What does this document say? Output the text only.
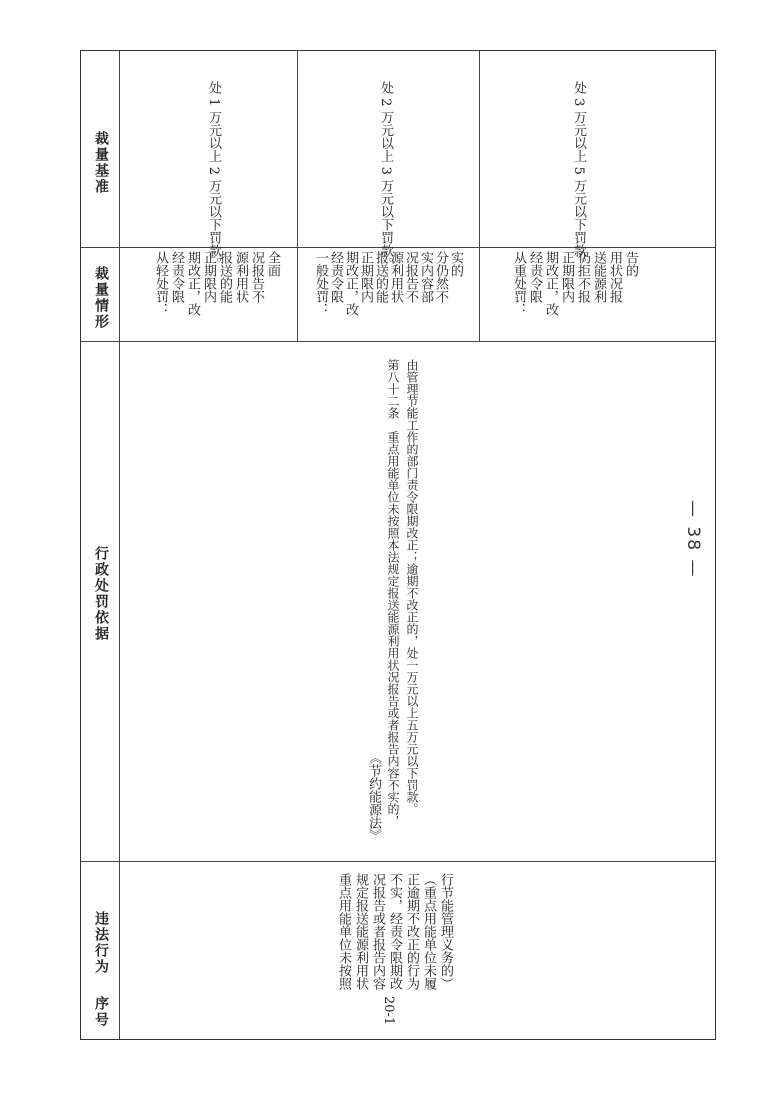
序号
违法行为
行政处罚依据
裁量情形
裁量基准
20-1
重点用能单位未按照 规定报送能源利用状 况报告或者报告内容 不实，经责令限期改 正逾期不改正的行为 （重点用能单位未履 行节能管理义务的）
《节约能源法》 第八十二条　重点用能单位未按照本法规定报送能源利用状况报告或者报告内容不实的， 由管理节能工作的部门责令限期改正；逾期不改正的，处一万元以上五万元以下罚款。
从轻处罚： 经责令限 期改正，改 正期限内 报送的能 源利用状 况报告不 全面
处 1 万元以上 2 万元以下罚款。
一般处罚： 经责令限 期改正，改 正期限内 报送的能 源利用状 况报告不 实内容部 分仍然不 实的
处 2 万元以上 3 万元以下罚款。
从重处罚： 经责令限 期改正，改 正期限内 仍拒不报 送能源利 用状况报 告的
处 3 万元以上 5 万元以下罚款。
— 38 —
